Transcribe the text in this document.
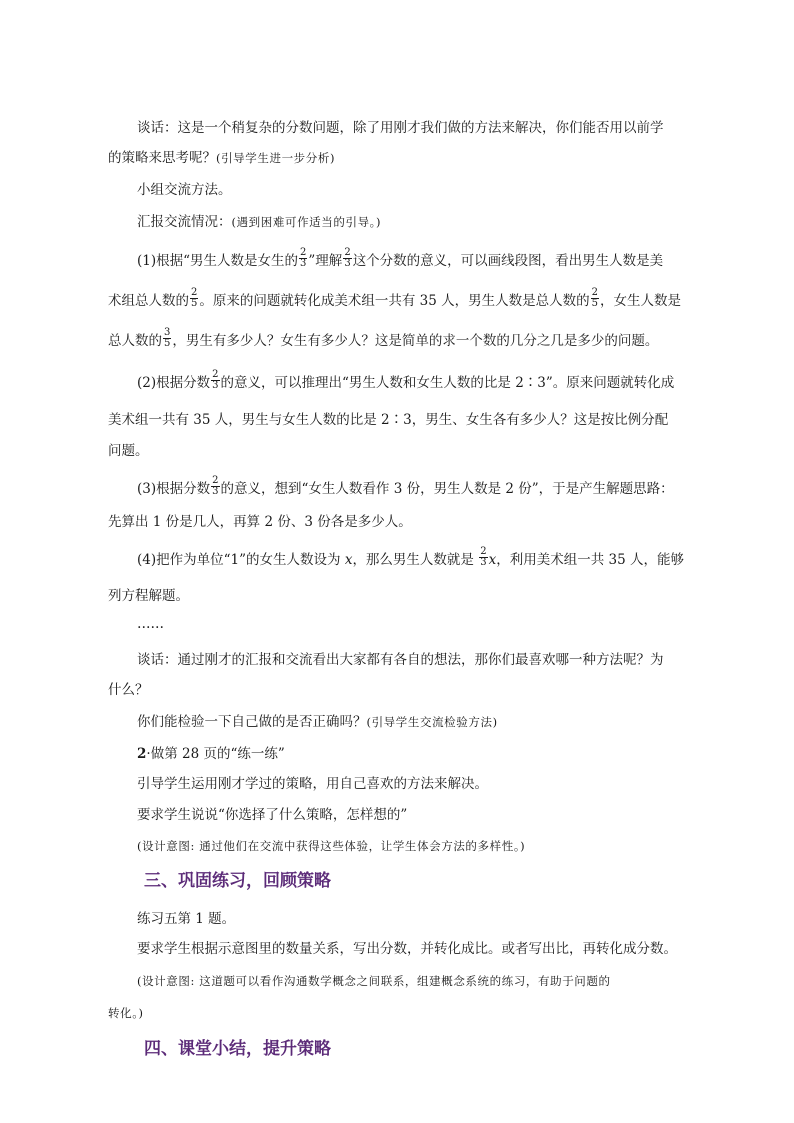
谈话：这是一个稍复杂的分数问题，除了用刚才我们做的方法来解决，你们能否用以前学
的策略来思考呢？(引导学生进一步分析)
小组交流方法。
汇报交流情况：(遇到困难可作适当的引导。)
(1)根据“男生人数是女生的 $\frac{2}{3}$ ”理解 $\frac{2}{3}$ 这个分数的意义，可以画线段图，看出男生人数是美
术组总人数的 $\frac{2}{5}$ 。原来的问题就转化成美术组一共有 35 人，男生人数是总人数的 $\frac{2}{5}$ ，女生人数是
总人数的 $\frac{3}{5}$ ，男生有多少人？女生有多少人？这是简单的求一个数的几分之几是多少的问题。
(2)根据分数 $\frac{2}{3}$ 的意义，可以推理出“男生人数和女生人数的比是 2∶3”。原来问题就转化成
美术组一共有 35 人，男生与女生人数的比是 2∶3，男生、女生各有多少人？这是按比例分配
问题。
(3)根据分数 $\frac{2}{3}$ 的意义，想到“女生人数看作 3 份，男生人数是 2 份”，于是产生解题思路：
先算出 1 份是几人，再算 2 份、3 份各是多少人。
(4)把作为单位“1”的女生人数设为 x，那么男生人数就是 $\frac{2}{3}$ x，利用美术组一共 35 人，能够
列方程解题。
……
谈话：通过刚才的汇报和交流看出大家都有各自的想法，那你们最喜欢哪一种方法呢？为
什么？
你们能检验一下自己做的是否正确吗？(引导学生交流检验方法)
2·做第 28 页的“练一练”
引导学生运用刚才学过的策略，用自己喜欢的方法来解决。
要求学生说说“你选择了什么策略，怎样想的”
(设计意图: 通过他们在交流中获得这些体验，让学生体会方法的多样性。)
三、巩固练习，回顾策略
练习五第 1 题。
要求学生根据示意图里的数量关系，写出分数，并转化成比。或者写出比，再转化成分数。
(设计意图: 这道题可以看作沟通数学概念之间联系，组建概念系统的练习，有助于问题的
转化。)
四、课堂小结，提升策略
